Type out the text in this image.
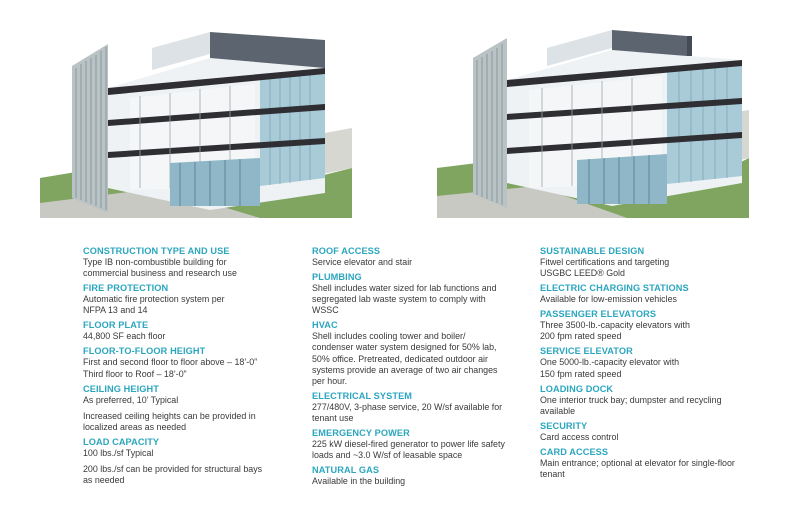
CONSTRUCTION TYPE AND USE

Type IB non-combustible building for
commercial business and research use

FIRE PROTECTION

Automatic fire protection system per
NFPA 13 and 14

FLOOR PLATE

44,800 SF each floor

FLOOR-TO-FLOOR HEIGHT

First and second floor to floor above – 18’-0”
Third floor to Roof – 18’-0”

CEILING HEIGHT

As preferred, 10’ Typical

Increased ceiling heights can be provided in
localized areas as needed

LOAD CAPACITY

100 lbs./sf Typical

200 lbs./sf can be provided for structural bays
as needed

ROOF ACCESS

Service elevator and stair

PLUMBING

Shell includes water sized for lab functions and
segregated lab waste system to comply with
WSSC

HVAC

Shell includes cooling tower and boiler/
condenser water system designed for 50% lab,
50% office. Pretreated, dedicated outdoor air
systems provide an average of two air changes
per hour.

ELECTRICAL SYSTEM

277/480V, 3-phase service, 20 W/sf available for
tenant use

EMERGENCY POWER

225 kW diesel-fired generator to power life safety
loads and ~3.0 W/sf of leasable space

NATURAL GAS

Available in the building

SUSTAINABLE DESIGN

Fitwel certifications and targeting
USGBC LEED® Gold

ELECTRIC CHARGING STATIONS

Available for low-emission vehicles

PASSENGER ELEVATORS

Three 3500-lb.-capacity elevators with
200 fpm rated speed

SERVICE ELEVATOR

One 5000-lb.-capacity elevator with
150 fpm rated speed

LOADING DOCK

One interior truck bay; dumpster and recycling
available

SECURITY

Card access control

CARD ACCESS

Main entrance; optional at elevator for single-floor
tenant
